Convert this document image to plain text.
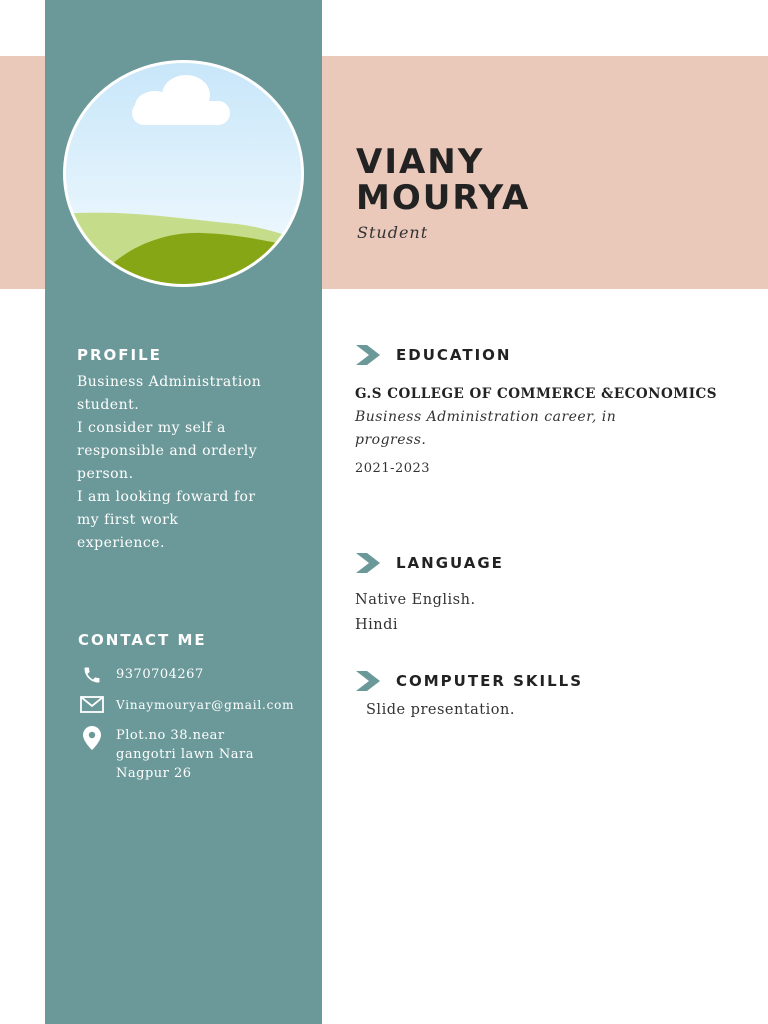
VIANY
MOURYA
Student
PROFILE
Business Administration
student.
I consider my self a
responsible and orderly
person.
I am looking foward for
my first work
experience.
CONTACT ME
9370704267
Vinaymouryar@gmail.com
Plot.no 38.near gangotri lawn Nara Nagpur 26
EDUCATION
G.S COLLEGE OF COMMERCE &ECONOMICS

Business Administration career, in progress.

2021-2023
LANGUAGE
Native English.
Hindi
COMPUTER SKILLS
Slide presentation.
